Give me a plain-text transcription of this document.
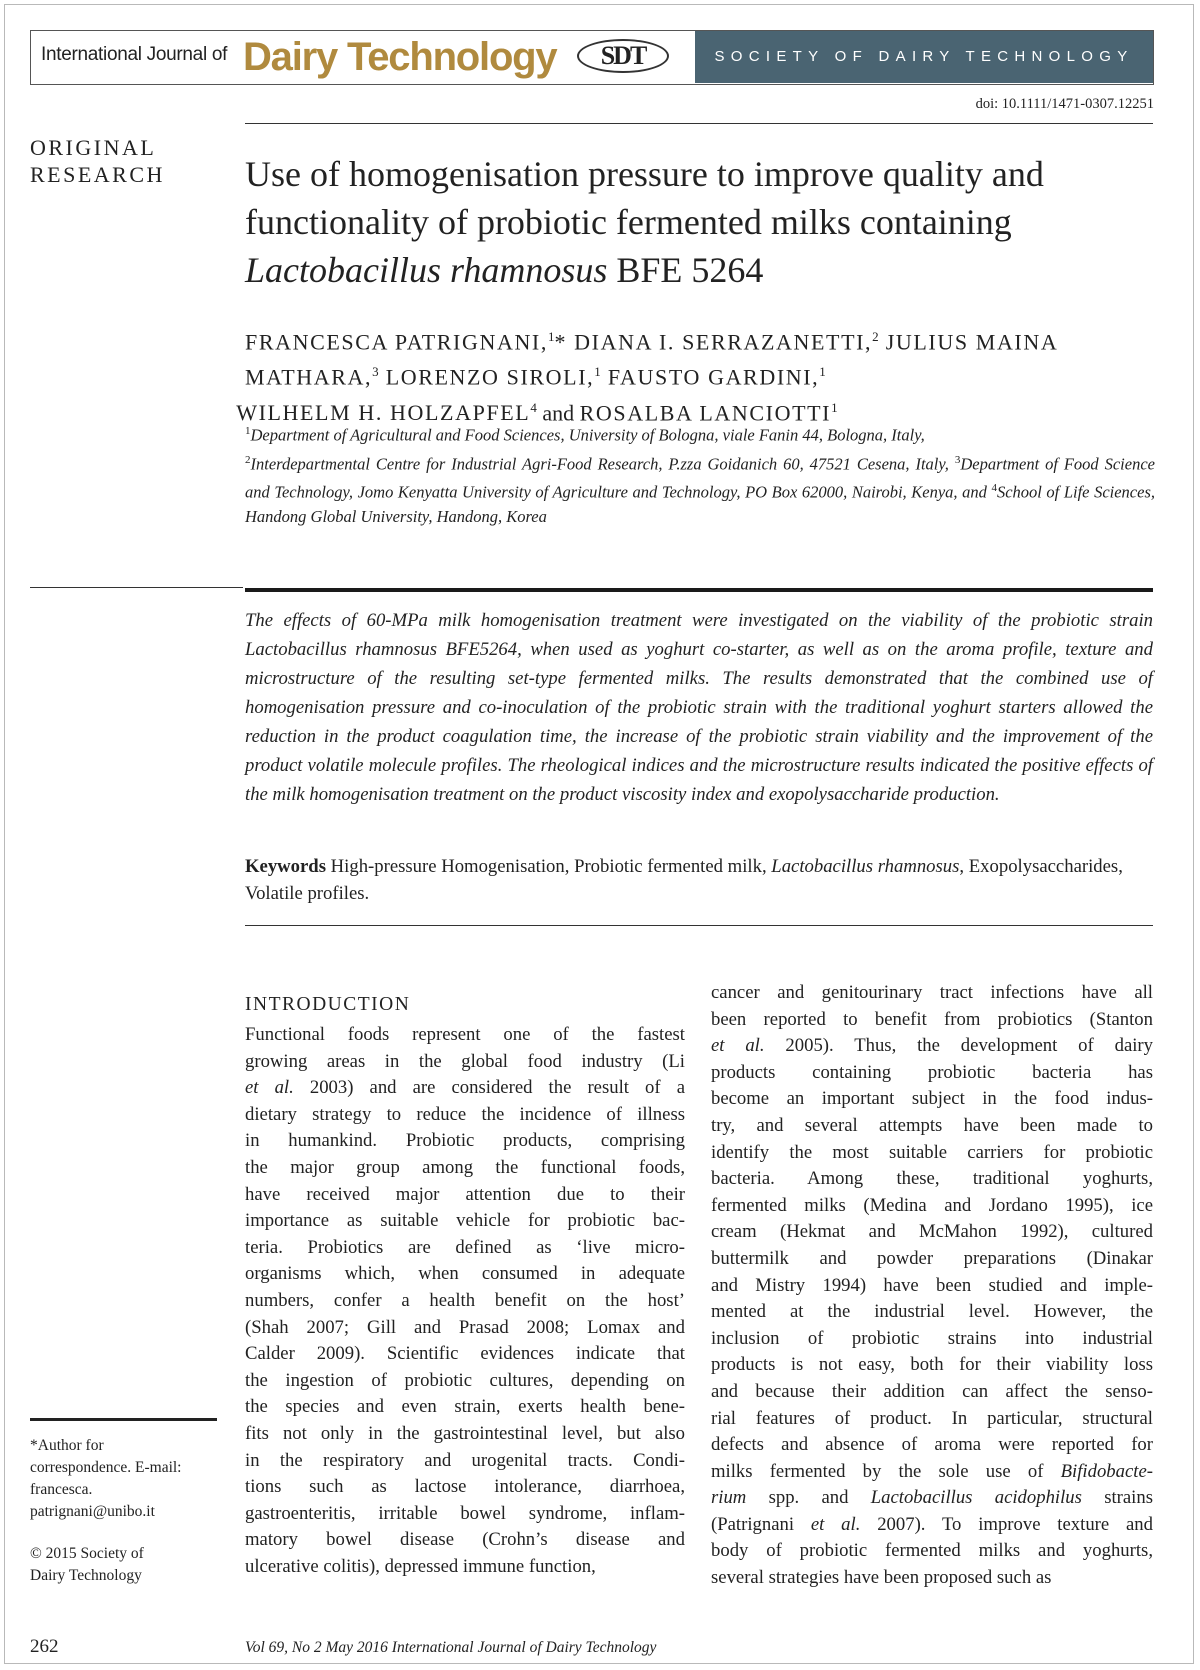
International Journal of Dairy Technology	SDT	SOCIETY OF DAIRY TECHNOLOGY
doi: 10.1111/1471-0307.12251
ORIGINAL
RESEARCH Use of homogenisation pressure to improve quality and
functionality of probiotic fermented milks containing
Lactobacillus rhamnosus BFE 5264
FRANCESCA PATRIGNANI,$^1$* DIANA I. SERRAZANETTI,$^2$ JULIUS MAINA MATHARA,$^3$ LORENZO SIROLI,$^1$ FAUSTO GARDINI,$^1$
WILHELM H. HOLZAPFEL$^4$ and ROSALBA LANCIOTTI$^1$
$^1$Department of Agricultural and Food Sciences, University of Bologna, viale Fanin 44, Bologna, Italy,
$^2$Interdepartmental Centre for Industrial Agri-Food Research, P.zza Goidanich 60, 47521 Cesena, Italy, $^3$Department of Food Science and Technology, Jomo Kenyatta University of Agriculture and Technology, PO Box 62000, Nairobi, Kenya, and $^4$School of Life Sciences, Handong Global University, Handong, Korea

The effects of 60-MPa milk homogenisation treatment were investigated on the viability of the probiotic strain Lactobacillus rhamnosus BFE5264, when used as yoghurt co-starter, as well as on the aroma profile, texture and microstructure of the resulting set-type fermented milks. The results demonstrated that the combined use of homogenisation pressure and co-inoculation of the probiotic strain with the traditional yoghurt starters allowed the reduction in the product coagulation time, the increase of the probiotic strain viability and the improvement of the product volatile molecule profiles. The rheological indices and the microstructure results indicated the positive effects of the milk homogenisation treatment on the product viscosity index and exopolysaccharide production.

Keywords High-pressure Homogenisation, Probiotic fermented milk, Lactobacillus rhamnosus, Exopolysaccharides, Volatile profiles.

INTRODUCTION
Functional foods represent one of the fastest
growing areas in the global food industry (Li
et al. 2003) and are considered the result of a
dietary strategy to reduce the incidence of illness
in humankind. Probiotic products, comprising
the major group among the functional foods,
have received major attention due to their
importance as suitable vehicle for probiotic bac-
teria. Probiotics are defined as ‘live micro-
organisms which, when consumed in adequate
numbers, confer a health benefit on the host’
(Shah 2007; Gill and Prasad 2008; Lomax and
Calder 2009). Scientific evidences indicate that
the ingestion of probiotic cultures, depending on
the species and even strain, exerts health bene-
fits not only in the gastrointestinal level, but also
in the respiratory and urogenital tracts. Condi-
tions such as lactose intolerance, diarrhoea,
gastroenteritis, irritable bowel syndrome, inflam-
matory bowel disease (Crohn’s disease and
ulcerative colitis), depressed immune function,
cancer and genitourinary tract infections have all
been reported to benefit from probiotics (Stanton
et al. 2005). Thus, the development of dairy
products containing probiotic bacteria has
become an important subject in the food indus-
try, and several attempts have been made to
identify the most suitable carriers for probiotic
bacteria. Among these, traditional yoghurts,
fermented milks (Medina and Jordano 1995), ice
cream (Hekmat and McMahon 1992), cultured
buttermilk and powder preparations (Dinakar
and Mistry 1994) have been studied and imple-
mented at the industrial level. However, the
inclusion of probiotic strains into industrial
products is not easy, both for their viability loss
and because their addition can affect the senso-
rial features of product. In particular, structural
defects and absence of aroma were reported for
milks fermented by the sole use of Bifidobacte-
rium spp. and Lactobacillus acidophilus strains
(Patrignani et al. 2007). To improve texture and
body of probiotic fermented milks and yoghurts,
several strategies have been proposed such as
*Author for
correspondence. E-mail:
francesca.
patrignani@unibo.it
© 2015 Society of
Dairy Technology
262	Vol 69, No 2 May 2016 International Journal of Dairy Technology
